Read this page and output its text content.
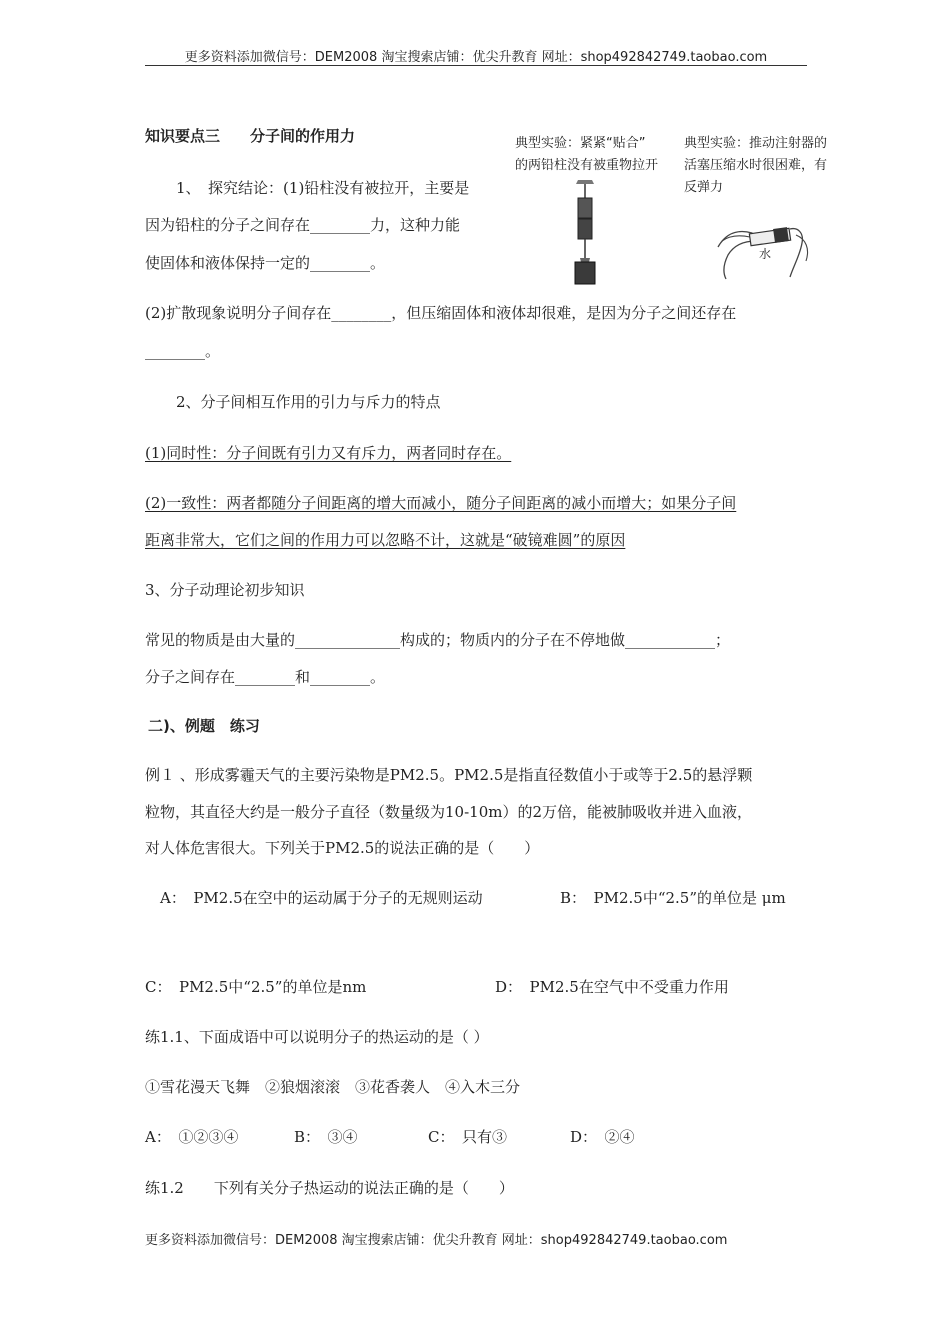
更多资料添加微信号：DEM2008 淘宝搜索店铺：优尖升教育 网址：shop492842749.taobao.com
知识要点三　　分子间的作用力
1、　探究结论：(1)铅柱没有被拉开，主要是
因为铅柱的分子之间存在________力，这种力能
使固体和液体保持一定的________。
(2)扩散现象说明分子间存在________，但压缩固体和液体却很难，是因为分子之间还存在
________。
2、分子间相互作用的引力与斥力的特点
(1)同时性：分子间既有引力又有斥力，两者同时存在。
(2)一致性：两者都随分子间距离的增大而减小，随分子间距离的减小而增大；如果分子间
距离非常大，它们之间的作用力可以忽略不计，这就是“破镜难圆”的原因
3、分子动理论初步知识
常见的物质是由大量的______________构成的；物质内的分子在不停地做____________；
分子之间存在________和________。
典型实验：紧紧“贴合”
的两铅柱没有被重物拉开
典型实验：推动注射器的
活塞压缩水时很困难，有
反弹力
水
二)、例题　练习
例１ 、形成雾霾天气的主要污染物是PM2.5。PM2.5是指直径数值小于或等于2.5的悬浮颗
粒物，其直径大约是一般分子直径（数量级为10-10m）的2万倍，能被肺吸收并进入血液，
对人体危害很大。下列关于PM2.5的说法正确的是（　　）
A：　PM2.5在空中的运动属于分子的无规则运动	B：　PM2.5中“2.5”的单位是 μm
C：　PM2.5中“2.5”的单位是nm	D：　PM2.5在空气中不受重力作用
练1.1、下面成语中可以说明分子的热运动的是（ ）
①雪花漫天飞舞　②狼烟滚滚　③花香袭人　④入木三分
A：　①②③④	B：　③④	C：　只有③	D：　②④
练1.2　　下列有关分子热运动的说法正确的是（　　）
更多资料添加微信号：DEM2008 淘宝搜索店铺：优尖升教育 网址：shop492842749.taobao.com
